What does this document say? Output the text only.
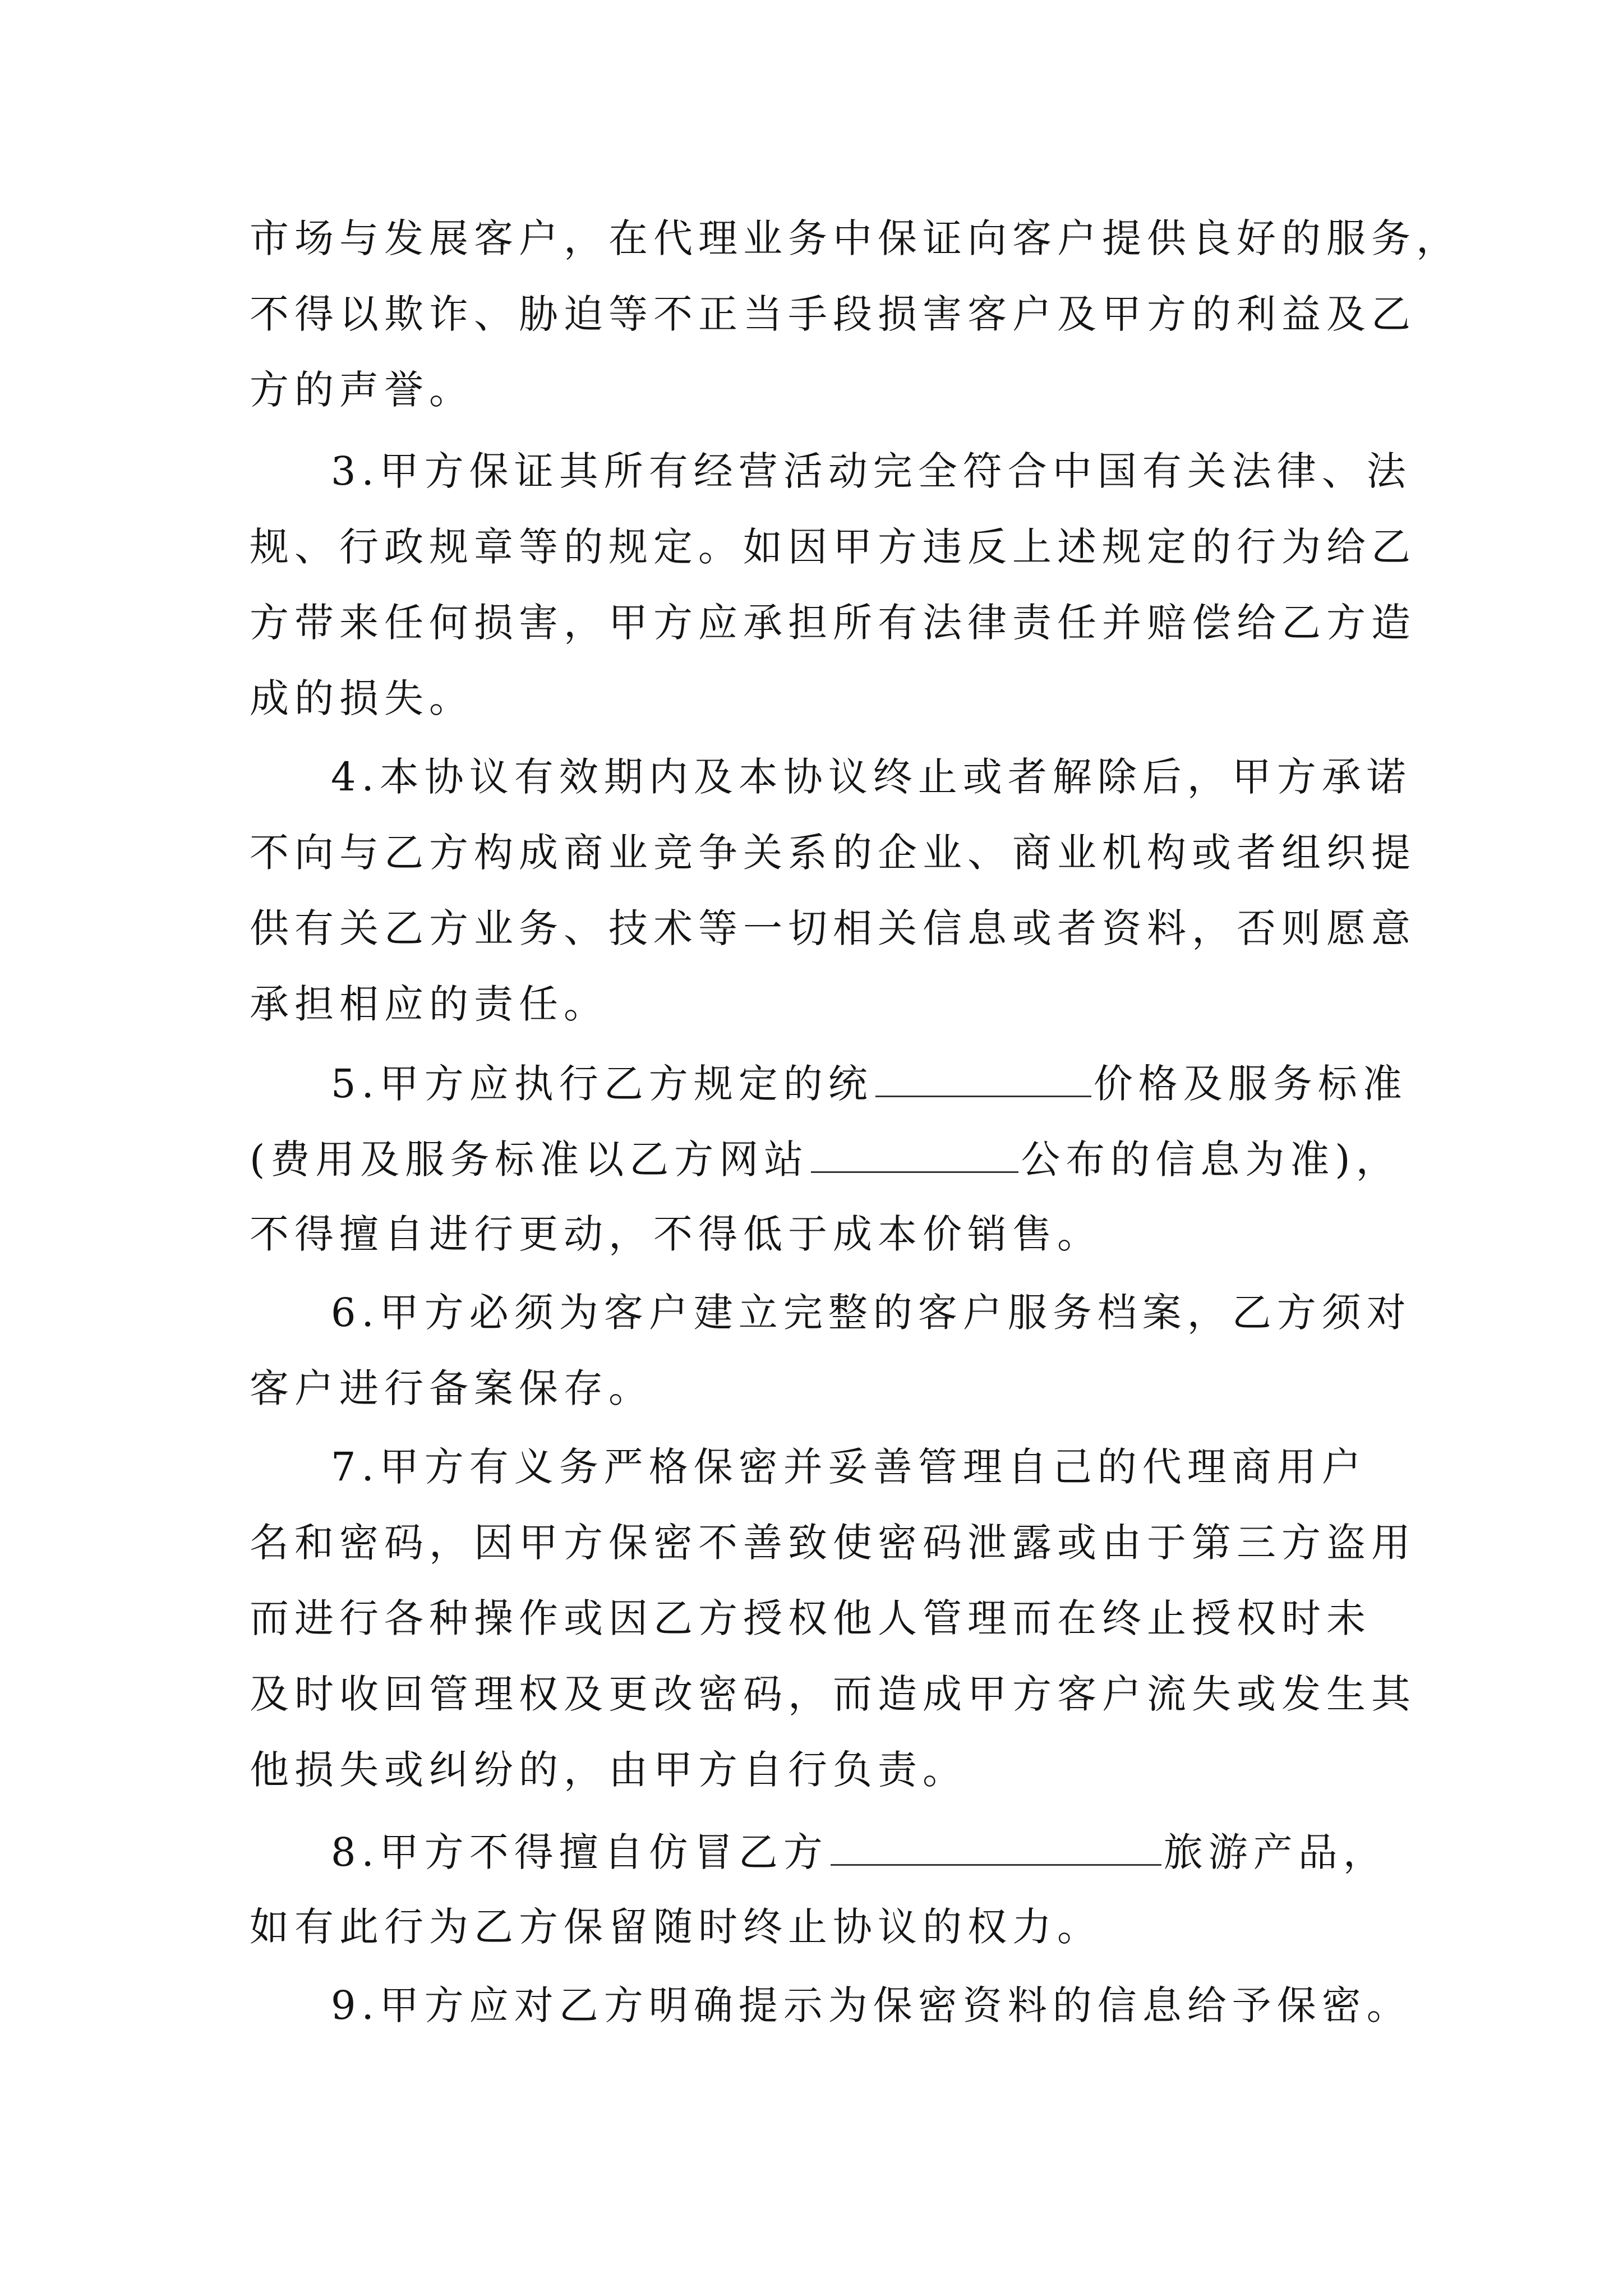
市场与发展客户，在代理业务中保证向客户提供良好的服务，
不得以欺诈、胁迫等不正当手段损害客户及甲方的利益及乙
方的声誉。
3.甲方保证其所有经营活动完全符合中国有关法律、法
规、行政规章等的规定。如因甲方违反上述规定的行为给乙
方带来任何损害，甲方应承担所有法律责任并赔偿给乙方造
成的损失。
4.本协议有效期内及本协议终止或者解除后，甲方承诺
不向与乙方构成商业竞争关系的企业、商业机构或者组织提
供有关乙方业务、技术等一切相关信息或者资料，否则愿意
承担相应的责任。
5.甲方应执行乙方规定的统	价格及服务标准
(费用及服务标准以乙方网站	公布的信息为准)，
不得擅自进行更动，不得低于成本价销售。
6.甲方必须为客户建立完整的客户服务档案，乙方须对
客户进行备案保存。
7.甲方有义务严格保密并妥善管理自己的代理商用户
名和密码，因甲方保密不善致使密码泄露或由于第三方盗用
而进行各种操作或因乙方授权他人管理而在终止授权时未
及时收回管理权及更改密码，而造成甲方客户流失或发生其
他损失或纠纷的，由甲方自行负责。
8.甲方不得擅自仿冒乙方	旅游产品，
如有此行为乙方保留随时终止协议的权力。
9.甲方应对乙方明确提示为保密资料的信息给予保密。
